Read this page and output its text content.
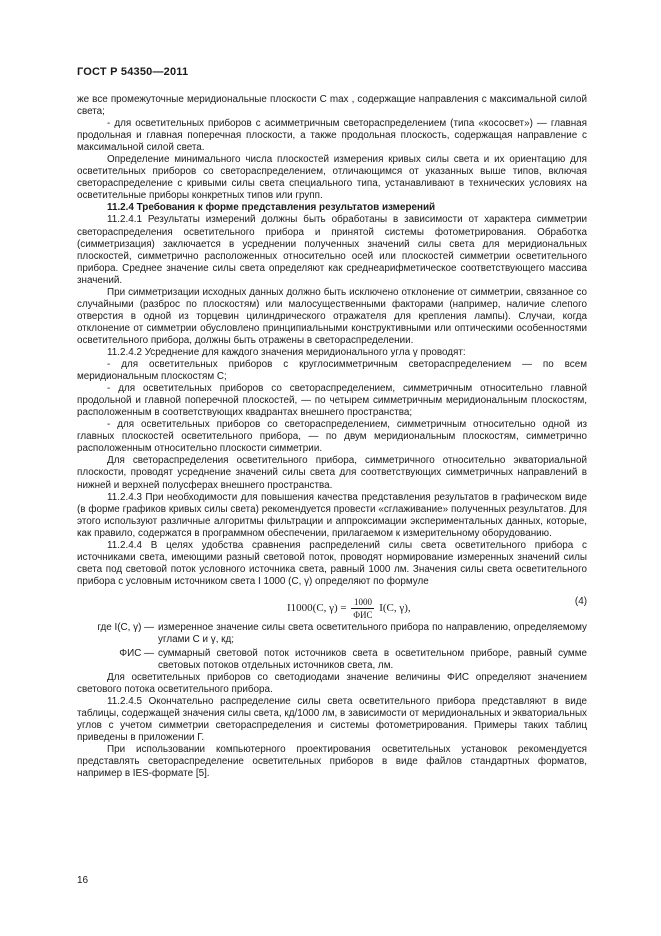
ГОСТ Р 54350—2011

же все промежуточные меридиональные плоскости C max , содержащие направления с максимальной силой света;

- для осветительных приборов с асимметричным светораспределением (типа «кососвет») — главная продольная и главная поперечная плоскости, а также продольная плоскость, содержащая направление с максимальной силой света.

Определение минимального числа плоскостей измерения кривых силы света и их ориентацию для осветительных приборов со светораспределением, отличающимся от указанных выше типов, включая светораспределение с кривыми силы света специального типа, устанавливают в технических условиях на осветительные приборы конкретных типов или групп.

11.2.4 Требования к форме представления результатов измерений

11.2.4.1 Результаты измерений должны быть обработаны в зависимости от характера симметрии светораспределения осветительного прибора и принятой системы фотометрирования. Обработка (симметризация) заключается в усреднении полученных значений силы света для меридиональных плоскостей, симметрично расположенных относительно осей или плоскостей симметрии осветительного прибора. Среднее значение силы света определяют как среднеарифметическое соответствующего массива значений.

При симметризации исходных данных должно быть исключено отклонение от симметрии, связанное со случайными (разброс по плоскостям) или малосущественными факторами (например, наличие слепого отверстия в одной из торцевин цилиндрического отражателя для крепления лампы). Случаи, когда отклонение от симметрии обусловлено принципиальными конструктивными или оптическими особенностями осветительного прибора, должны быть отражены в светораспределении.

11.2.4.2 Усреднение для каждого значения меридионального угла γ проводят:

- для осветительных приборов с круглосимметричным светораспределением — по всем меридиональным плоскостям C;

- для осветительных приборов со светораспределением, симметричным относительно главной продольной и главной поперечной плоскостей, — по четырем симметричным меридиональным плоскостям, расположенным в соответствующих квадрантах внешнего пространства;

- для осветительных приборов со светораспределением, симметричным относительно одной из главных плоскостей осветительного прибора, — по двум меридиональным плоскостям, симметрично расположенным относительно плоскости симметрии.

Для светораспределения осветительного прибора, симметричного относительно экваториальной плоскости, проводят усреднение значений силы света для соответствующих симметричных направлений в нижней и верхней полусферах внешнего пространства.

11.2.4.3 При необходимости для повышения качества представления результатов в графическом виде (в форме графиков кривых силы света) рекомендуется провести «сглаживание» полученных результатов. Для этого используют различные алгоритмы фильтрации и аппроксимации экспериментальных данных, которые, как правило, содержатся в программном обеспечении, прилагаемом к измерительному оборудованию.

11.2.4.4 В целях удобства сравнения распределений силы света осветительного прибора с источниками света, имеющими разный световой поток, проводят нормирование измеренных значений силы света под световой поток условного источника света, равный 1000 лм. Значения силы света осветительного прибора с условным источником света I 1000 (C, γ) определяют по формуле

I1000(C, $\gamma) = \frac{1000}{\text{ΦИС}} I(C$, γ),
(4)
где I(C, γ) — измеренное значение силы света осветительного прибора по направлению, определяемому углами C и γ, кд;
ΦИС — суммарный световой поток источников света в осветительном приборе, равный сумме световых потоков отдельных источников света, лм.

Для осветительных приборов со светодиодами значение величины ΦИС определяют значением светового потока осветительного прибора.

11.2.4.5 Окончательно распределение силы света осветительного прибора представляют в виде таблицы, содержащей значения силы света, кд/1000 лм, в зависимости от меридиональных и экваториальных углов с учетом симметрии светораспределения и системы фотометрирования. Примеры таких таблиц приведены в приложении Г.

При использовании компьютерного проектирования осветительных установок рекомендуется представлять светораспределение осветительных приборов в виде файлов стандартных форматов, например в IES-формате [5].

16
